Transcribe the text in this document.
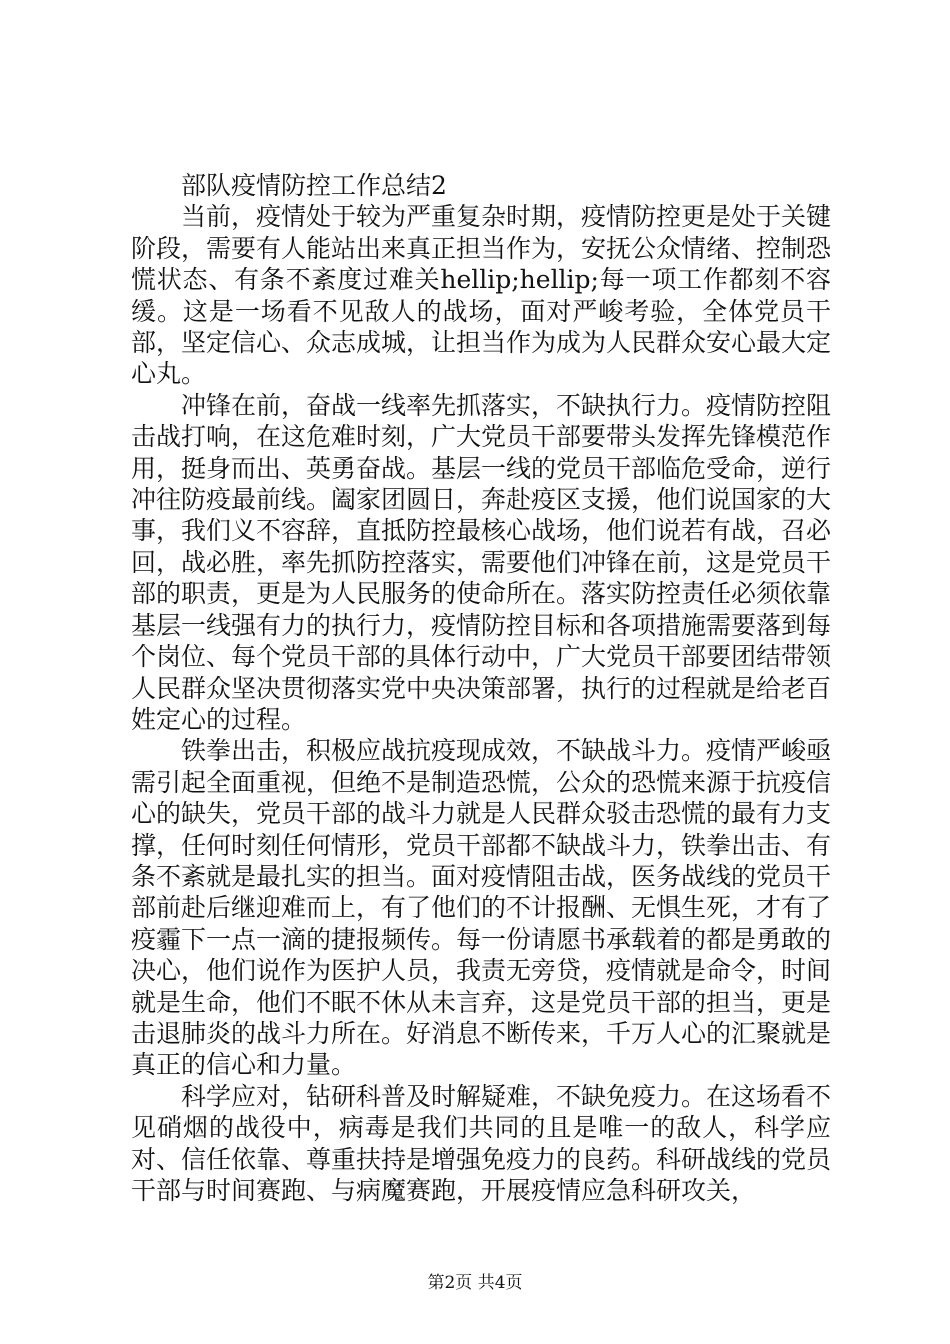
部队疫情防控工作总结2

当前，疫情处于较为严重复杂时期，疫情防控更是处于关键阶段，需要有人能站出来真正担当作为，安抚公众情绪、控制恐慌状态、有条不紊度过难关hellip;hellip;每一项工作都刻不容缓。这是一场看不见敌人的战场，面对严峻考验，全体党员干部，坚定信心、众志成城，让担当作为成为人民群众安心最大定心丸。

冲锋在前，奋战一线率先抓落实，不缺执行力。疫情防控阻击战打响，在这危难时刻，广大党员干部要带头发挥先锋模范作用，挺身而出、英勇奋战。基层一线的党员干部临危受命，逆行冲往防疫最前线。阖家团圆日，奔赴疫区支援，他们说国家的大事，我们义不容辞，直抵防控最核心战场，他们说若有战，召必回，战必胜，率先抓防控落实，需要他们冲锋在前，这是党员干部的职责，更是为人民服务的使命所在。落实防控责任必须依靠基层一线强有力的执行力，疫情防控目标和各项措施需要落到每个岗位、每个党员干部的具体行动中，广大党员干部要团结带领人民群众坚决贯彻落实党中央决策部署，执行的过程就是给老百姓定心的过程。

铁拳出击，积极应战抗疫现成效，不缺战斗力。疫情严峻亟需引起全面重视，但绝不是制造恐慌，公众的恐慌来源于抗疫信心的缺失，党员干部的战斗力就是人民群众驳击恐慌的最有力支撑，任何时刻任何情形，党员干部都不缺战斗力，铁拳出击、有条不紊就是最扎实的担当。面对疫情阻击战，医务战线的党员干部前赴后继迎难而上，有了他们的不计报酬、无惧生死，才有了疫霾下一点一滴的捷报频传。每一份请愿书承载着的都是勇敢的决心，他们说作为医护人员，我责无旁贷，疫情就是命令，时间就是生命，他们不眠不休从未言弃，这是党员干部的担当，更是击退肺炎的战斗力所在。好消息不断传来，千万人心的汇聚就是真正的信心和力量。

科学应对，钻研科普及时解疑难，不缺免疫力。在这场看不见硝烟的战役中，病毒是我们共同的且是唯一的敌人，科学应对、信任依靠、尊重扶持是增强免疫力的良药。科研战线的党员干部与时间赛跑、与病魔赛跑，开展疫情应急科研攻关，

第2页 共4页
